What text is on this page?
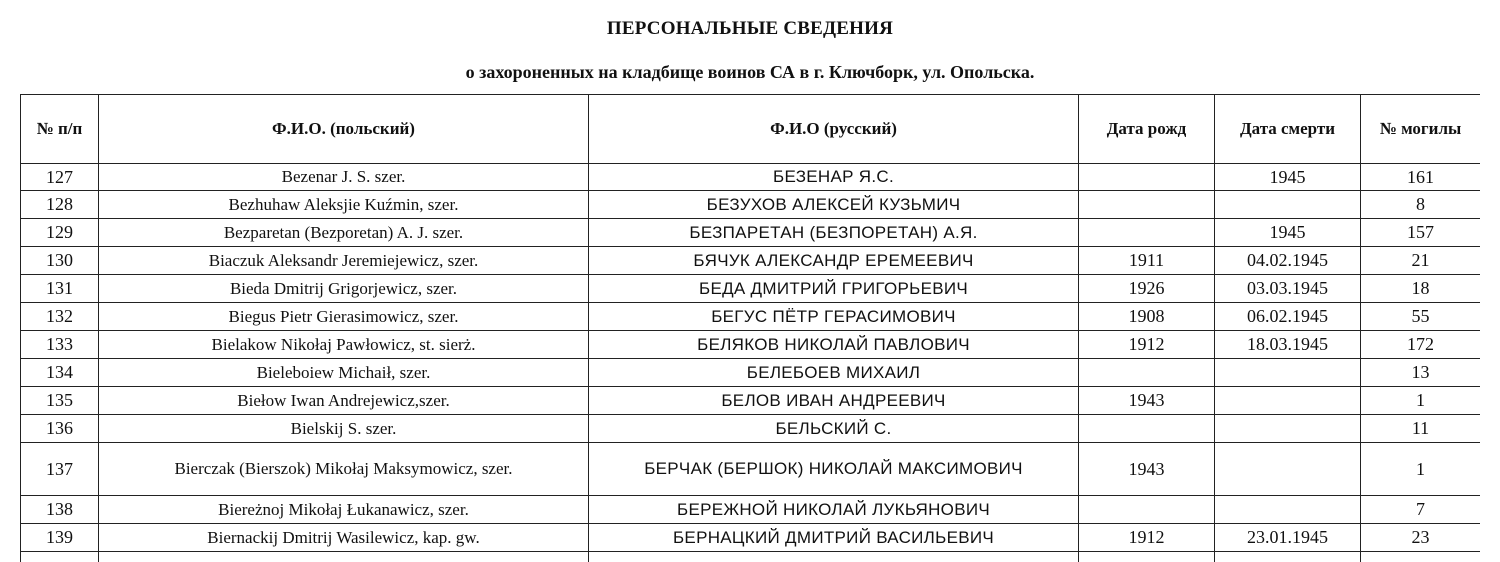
ПЕРСОНАЛЬНЫЕ СВЕДЕНИЯ
о захороненных на кладбище воинов СА в г. Ключборк, ул. Опольска.
№ п/п	Ф.И.О. (польский)	Ф.И.О (русский)	Дата рожд	Дата смерти	№ могилы
127	Bezenar J. S. szer.	БЕЗЕНАР Я.С.		1945	161
128	Bezhuhaw Aleksjie Kuźmin, szer.	БЕЗУХОВ АЛЕКСЕЙ КУЗЬМИЧ			8
129	Bezparetan (Bezporetan) A. J. szer.	БЕЗПАРЕТАН (БЕЗПОРЕТАН) А.Я.		1945	157
130	Biaczuk Aleksandr Jeremiejewicz, szer.	БЯЧУК АЛЕКСАНДР ЕРЕМЕЕВИЧ	1911	04.02.1945	21
131	Bieda Dmitrij Grigorjewicz, szer.	БЕДА ДМИТРИЙ ГРИГОРЬЕВИЧ	1926	03.03.1945	18
132	Biegus Pietr Gierasimowicz, szer.	БЕГУС ПЁТР ГЕРАСИМОВИЧ	1908	06.02.1945	55
133	Bielakow Nikołaj Pawłowicz, st. sierż.	БЕЛЯКОВ НИКОЛАЙ ПАВЛОВИЧ	1912	18.03.1945	172
134	Bieleboiew Michaił, szer.	БЕЛЕБОЕВ МИХАИЛ			13
135	Biełow Iwan Andrejewicz,szer.	БЕЛОВ ИВАН АНДРЕЕВИЧ	1943		1
136	Bielskij S. szer.	БЕЛЬСКИЙ С.			11
137	Bierczak (Bierszok) Mikołaj Maksymowicz, szer.	БЕРЧАК (БЕРШОК) НИКОЛАЙ МАКСИМОВИЧ	1943		1
138	Biereżnoj Mikołaj Łukanawicz, szer.	БЕРЕЖНОЙ НИКОЛАЙ ЛУКЬЯНОВИЧ			7
139	Biernackij Dmitrij Wasilewicz, kap. gw.	БЕРНАЦКИЙ ДМИТРИЙ ВАСИЛЬЕВИЧ	1912	23.01.1945	23
